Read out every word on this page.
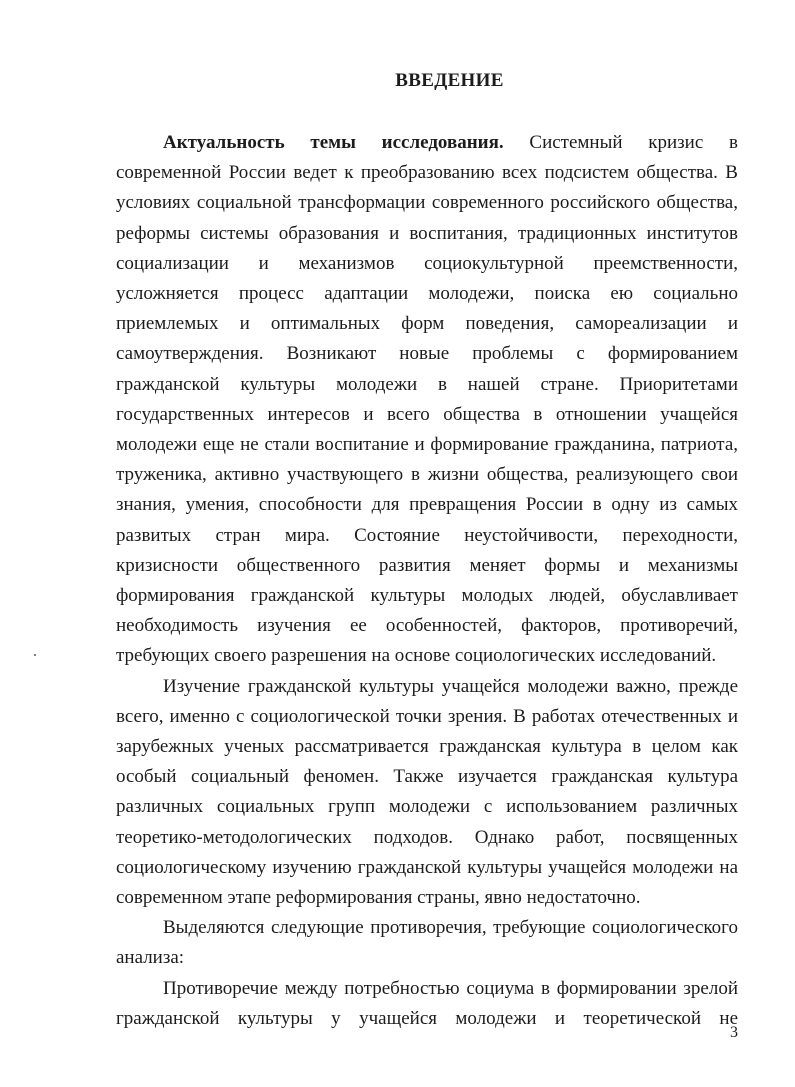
ВВЕДЕНИЕ

Актуальность темы исследования. Системный кризис в современной России ведет к преобразованию всех подсистем общества. В условиях социальной трансформации современного российского общества, реформы системы образования и воспитания, традиционных институтов социализации и механизмов социокультурной преемственности, усложняется процесс адаптации молодежи, поиска ею социально приемлемых и оптимальных форм поведения, самореализации и самоутверждения. Возникают новые проблемы с формированием гражданской культуры молодежи в нашей стране. Приоритетами государственных интересов и всего общества в отношении учащейся молодежи еще не стали воспитание и формирование гражданина, патриота, труженика, активно участвующего в жизни общества, реализующего свои знания, умения, способности для превращения России в одну из самых развитых стран мира. Состояние неустойчивости, переходности, кризисности общественного развития меняет формы и механизмы формирования гражданской культуры молодых людей, обуславливает необходимость изучения ее особенностей, факторов, противоречий, требующих своего разрешения на основе социологических исследований.

Изучение гражданской культуры учащейся молодежи важно, прежде всего, именно с социологической точки зрения. В работах отечественных и зарубежных ученых рассматривается гражданская культура в целом как особый социальный феномен. Также изучается гражданская культура различных социальных групп молодежи с использованием различных теоретико-методологических подходов. Однако работ, посвященных социологическому изучению гражданской культуры учащейся молодежи на современном этапе реформирования страны, явно недостаточно.

Выделяются следующие противоречия, требующие социологического анализа:

Противоречие между потребностью социума в формировании зрелой гражданской культуры у учащейся молодежи и теоретической не

3
